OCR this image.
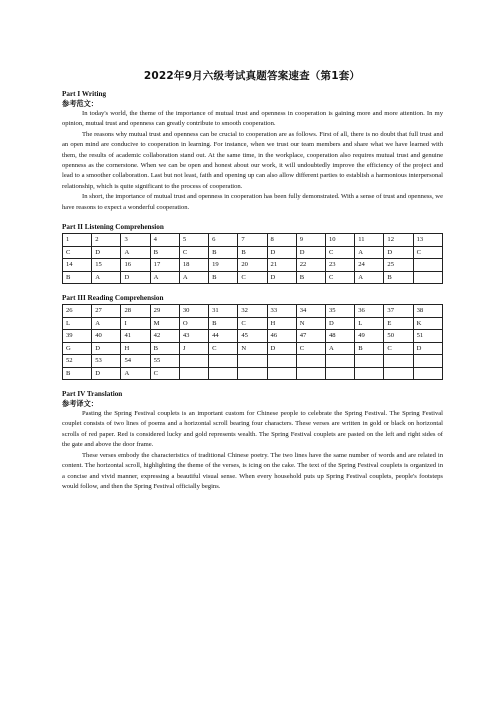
2022年9月六级考试真题答案速查（第1套）
Part I Writing
参考范文：

In today's world, the theme of the importance of mutual trust and openness in cooperation is gaining more and more attention. In my opinion, mutual trust and openness can greatly contribute to smooth cooperation.

The reasons why mutual trust and openness can be crucial to cooperation are as follows. First of all, there is no doubt that full trust and an open mind are conducive to cooperation in learning. For instance, when we trust our team members and share what we have learned with them, the results of academic collaboration stand out. At the same time, in the workplace, cooperation also requires mutual trust and genuine openness as the cornerstone. When we can be open and honest about our work, it will undoubtedly improve the efficiency of the project and lead to a smoother collaboration. Last but not least, faith and opening up can also allow different parties to establish a harmonious interpersonal relationship, which is quite significant to the process of cooperation.

In short, the importance of mutual trust and openness in cooperation has been fully demonstrated. With a sense of trust and openness, we have reasons to expect a wonderful cooperation.

Part II Listening Comprehension
1	2	3	4	5	6	7	8	9	10	11	12	13
C	D	A	B	C	B	B	D	D	C	A	D	C
14	15	16	17	18	19	20	21	22	23	24	25	
B	A	D	A	A	B	C	D	B	C	A	B	
Part III Reading Comprehension
26	27	28	29	30	31	32	33	34	35	36	37	38
L	A	I	M	O	B	C	H	N	D	L	E	K
39	40	41	42	43	44	45	46	47	48	49	50	51
G	D	H	B	J	C	N	D	C	A	B	C	D
52	53	54	55									
B	D	A	C									
Part IV Translation
参考译文：

Pasting the Spring Festival couplets is an important custom for Chinese people to celebrate the Spring Festival. The Spring Festival couplet consists of two lines of poems and a horizontal scroll bearing four characters. These verses are written in gold or black on horizontal scrolls of red paper. Red is considered lucky and gold represents wealth. The Spring Festival couplets are pasted on the left and right sides of the gate and above the door frame.

These verses embody the characteristics of traditional Chinese poetry. The two lines have the same number of words and are related in content. The horizontal scroll, highlighting the theme of the verses, is icing on the cake. The text of the Spring Festival couplets is organized in a concise and vivid manner, expressing a beautiful visual sense. When every household puts up Spring Festival couplets, people's footsteps would follow, and then the Spring Festival officially begins.
